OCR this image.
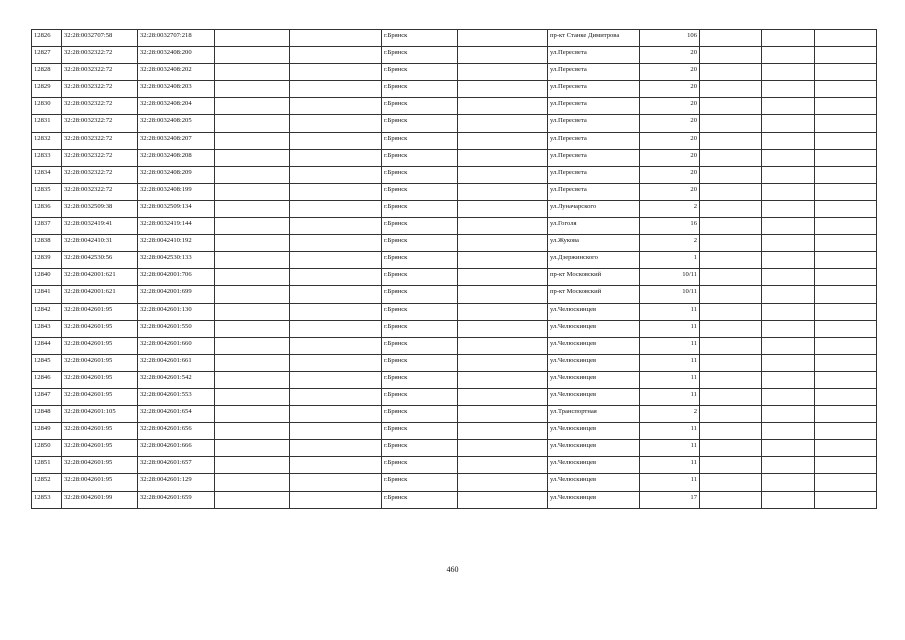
12826	32:28:0032707:58	32:28:0032707:218			г.Брянск		пр-кт Станке Димитрова	106			
12827	32:28:0032322:72	32:28:0032408:200			г.Брянск		ул.Пересвета	20			
12828	32:28:0032322:72	32:28:0032408:202			г.Брянск		ул.Пересвета	20			
12829	32:28:0032322:72	32:28:0032408:203			г.Брянск		ул.Пересвета	20			
12830	32:28:0032322:72	32:28:0032408:204			г.Брянск		ул.Пересвета	20			
12831	32:28:0032322:72	32:28:0032408:205			г.Брянск		ул.Пересвета	20			
12832	32:28:0032322:72	32:28:0032408:207			г.Брянск		ул.Пересвета	20			
12833	32:28:0032322:72	32:28:0032408:208			г.Брянск		ул.Пересвета	20			
12834	32:28:0032322:72	32:28:0032408:209			г.Брянск		ул.Пересвета	20			
12835	32:28:0032322:72	32:28:0032408:199			г.Брянск		ул.Пересвета	20			
12836	32:28:0032509:38	32:28:0032509:134			г.Брянск		ул.Луначарского	2			
12837	32:28:0032419:41	32:28:0032419:144			г.Брянск		ул.Гоголя	16			
12838	32:28:0042410:31	32:28:0042410:192			г.Брянск		ул.Жукова	2			
12839	32:28:0042530:56	32:28:0042530:133			г.Брянск		ул.Дзержинского	1			
12840	32:28:0042001:621	32:28:0042001:706			г.Брянск		пр-кт Московский	10/11			
12841	32:28:0042001:621	32:28:0042001:699			г.Брянск		пр-кт Московский	10/11			
12842	32:28:0042601:95	32:28:0042601:130			г.Брянск		ул.Челюскинцев	11			
12843	32:28:0042601:95	32:28:0042601:550			г.Брянск		ул.Челюскинцев	11			
12844	32:28:0042601:95	32:28:0042601:660			г.Брянск		ул.Челюскинцев	11			
12845	32:28:0042601:95	32:28:0042601:661			г.Брянск		ул.Челюскинцев	11			
12846	32:28:0042601:95	32:28:0042601:542			г.Брянск		ул.Челюскинцев	11			
12847	32:28:0042601:95	32:28:0042601:553			г.Брянск		ул.Челюскинцев	11			
12848	32:28:0042601:105	32:28:0042601:654			г.Брянск		ул.Транспортная	2			
12849	32:28:0042601:95	32:28:0042601:656			г.Брянск		ул.Челюскинцев	11			
12850	32:28:0042601:95	32:28:0042601:666			г.Брянск		ул.Челюскинцев	11			
12851	32:28:0042601:95	32:28:0042601:657			г.Брянск		ул.Челюскинцев	11			
12852	32:28:0042601:95	32:28:0042601:129			г.Брянск		ул.Челюскинцев	11			
12853	32:28:0042601:99	32:28:0042601:659			г.Брянск		ул.Челюскинцев	17			
460
